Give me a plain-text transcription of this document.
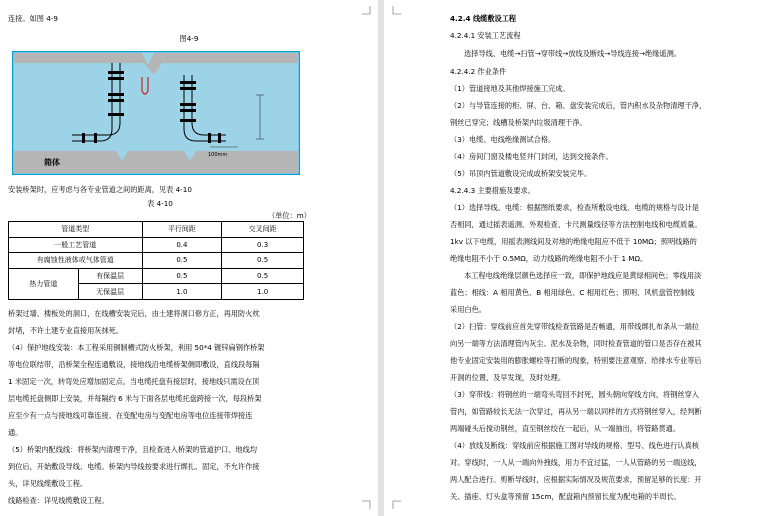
连接。如图 4-9
图4-9
箱体
100mm
安装桥架时，应考虑与各专业管道之间的距离，见表 4-10
表 4-10
（单位：m）
管道类型		平行间距	交叉间距
一般工艺管道		0.4	0.3
有腐蚀性液体或气体管道		0.5	0.5
热力管道	有保温层	0.5	0.5
	无保温层	1.0	1.0
桥架过墙、楼板处的洞口，在线槽安装完后，由土建将洞口修方正，再用防火枕
封堵，不许土建专业直接用灰抹死。
（4）保护地线安装：本工程采用铜制槽式防火桥架，利用 50*4 镀锌扁钢作桥架
等电位联结带，沿桥架全程连通敷设，接地线沿电缆桥架侧即敷设，直线段每隔
1 米固定一次，转弯处应增加固定点。当电缆托盘有接层时，接地线只需设在顶
层电缆托盘侧即上安装，并每隔约 6 米与下面各层电缆托盘跨接一次，每段桥架
应至少有一点与接地线可靠连接。在变配电房与变配电房等电位连接带焊接连
通。
（5）桥架内配线线：将桥架内清理干净，且检查进入桥架的管道护口、地线均
到位后，开始敷设导线、电缆。桥架内导线按要求进行绑扎、固定，不允许作接
头，详见线缆敷设工程。
线路检查：详见线缆敷设工程。
4.2.4 线缆敷设工程
4.2.4.1 安装工艺流程
选择导线、电缆→扫管→穿带线→放线及断线→导线连接→绝缘遥测。
4.2.4.2 作业条件
（1）管道接地及其他焊接施工完成。
（2）与导管连接的柜、屏、台、箱、盘安装完成后，管内积水及杂物清理干净，
钢丝已穿完；线槽及桥架内垃圾清理干净。
（3）电缆、电线绝缘测试合格。
（4）房间门窗及楼电竖井门封闭，达到交接条件。
（5）吊顶内管道敷设完成或桥架安装完毕。
4.2.4.3 主要措施及要求。
（1）选择导线、电缆：根据图纸要求，检查所敷设电线、电缆的规格与设计是
否相同，通过摇表遥测、外观检查、卡尺测量线径等方法控制电线和电缆质量。
1kv 以下电缆，用摇表测线间及对地的绝缘电阻应不低于 10MΩ；照明线路的
绝缘电阻不小于 0.5MΩ，动力线路的绝缘电阻不小于 1 MΩ。
本工程电线绝缘层颜色选择应一致，即保护地线应是黄绿相间色；零线用淡
蓝色；相线：A 相用黄色、B 相用绿色、C 相用红色；照明、风机盘管控制线
采用白色。
（2）扫管：穿线前应首先穿带线检查管路是否畅通，用带线绑扎布条从一端拉
向另一端等方法清理管内灰尘、泥水及杂物，同时检查管道的管口是否存在被其
他专业固定安装用的膨胀螺栓等打断的现象，特别要注意观察、给排水专业等后
开洞的位置，及早发现，及时处理。
（3）穿带线：将钢丝的一端弯头弯回不封死，圆头朝向穿线方向，将钢丝穿入
管内，如管路较长无法一次穿过，再从另一端以同样的方式将钢丝穿入，经判断
两端碰头后搅动钢丝，直至钢丝绞在一起后，从一端抽出，将管路贯通。
（4）放线及断线：穿线前应根据施工图对导线的规格、型号、线色进行认真核
对。穿线时，一人从一端向外拽线，用力不宜过猛，一人从管路的另一端送线，
两人配合进行。剪断导线时，应根据实际情况及规范要求，预留足够的长度：开
关、插座、灯头盒等预留 15cm，配盘箱内预留长度为配电箱的半周长。
